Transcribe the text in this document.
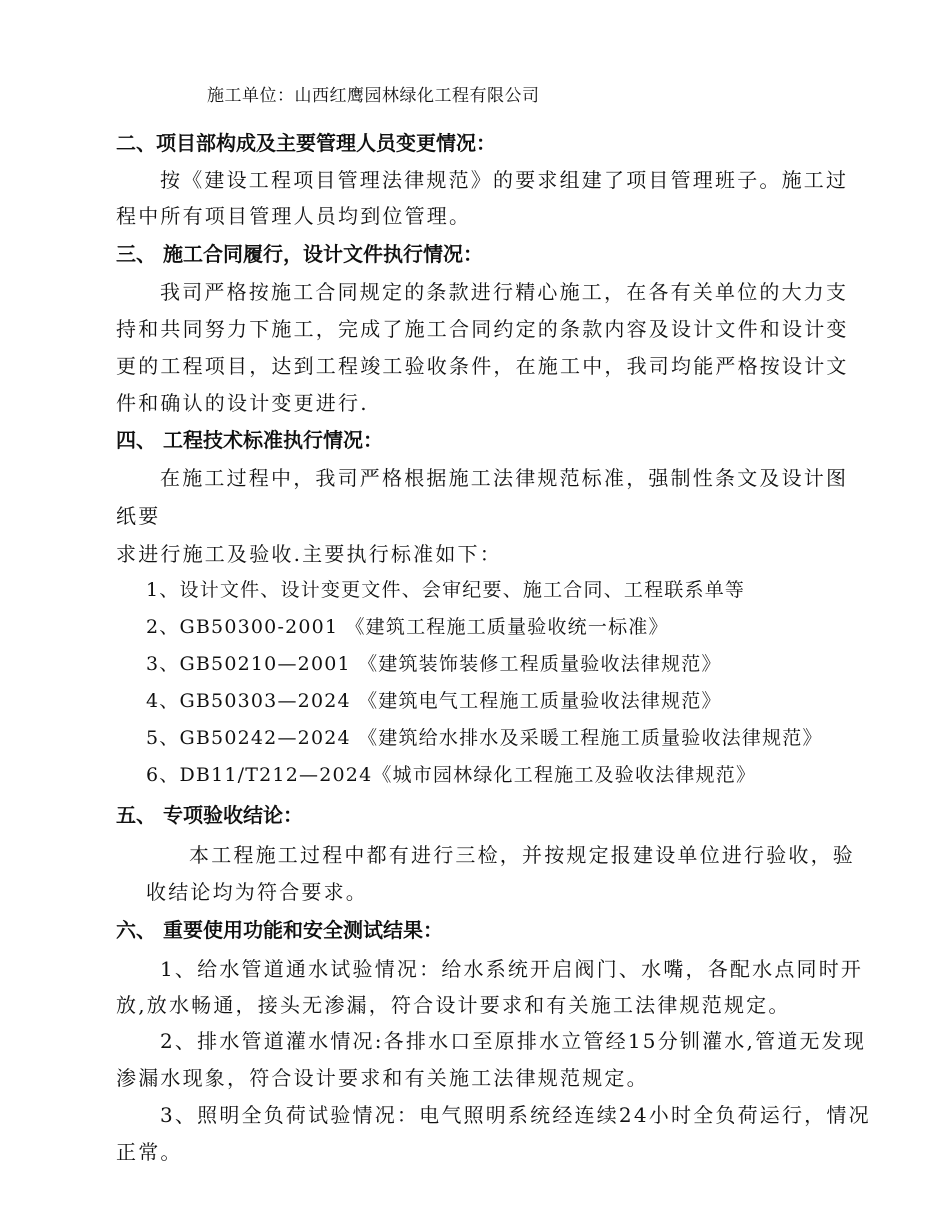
施工单位：山西红鹰园林绿化工程有限公司
二、项目部构成及主要管理人员变更情况：
按《建设工程项目管理法律规范》的要求组建了项目管理班子。施工过
程中所有项目管理人员均到位管理。
三、 施工合同履行，设计文件执行情况：
我司严格按施工合同规定的条款进行精心施工，在各有关单位的大力支
持和共同努力下施工，完成了施工合同约定的条款内容及设计文件和设计变
更的工程项目，达到工程竣工验收条件，在施工中，我司均能严格按设计文
件和确认的设计变更进行.
四、 工程技术标准执行情况：
在施工过程中，我司严格根据施工法律规范标准，强制性条文及设计图
纸要
求进行施工及验收.主要执行标准如下：
1、设计文件、设计变更文件、会审纪要、施工合同、工程联系单等
2、GB50300-2001 《建筑工程施工质量验收统一标准》
3、GB50210—2001 《建筑装饰装修工程质量验收法律规范》
4、GB50303—2024 《建筑电气工程施工质量验收法律规范》
5、GB50242—2024 《建筑给水排水及采暖工程施工质量验收法律规范》
6、DB11/T212—2024《城市园林绿化工程施工及验收法律规范》
五、 专项验收结论：
本工程施工过程中都有进行三检，并按规定报建设单位进行验收，验
收结论均为符合要求。
六、 重要使用功能和安全测试结果：
1、给水管道通水试验情况：给水系统开启阀门、水嘴，各配水点同时开
放,放水畅通，接头无渗漏，符合设计要求和有关施工法律规范规定。
2、排水管道灌水情况:各排水口至原排水立管经15分钏灌水,管道无发现
渗漏水现象，符合设计要求和有关施工法律规范规定。
3、照明全负荷试验情况：电气照明系统经连续24小时全负荷运行，情况
正常。
